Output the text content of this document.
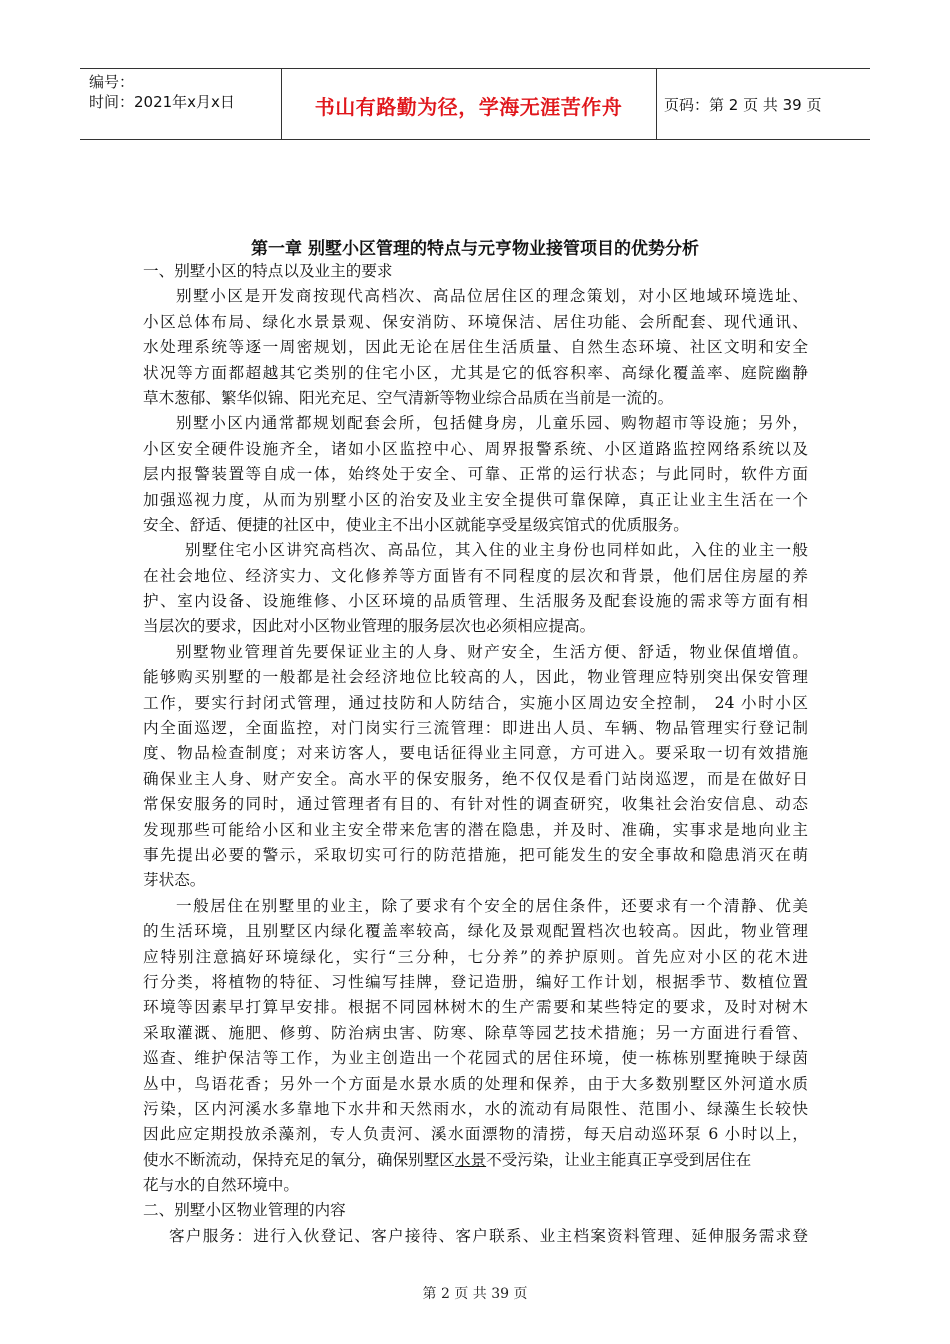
编号：
时间：2021年x月x日	书山有路勤为径，学海无涯苦作舟	页码：第 2 页 共 39 页
第一章 别墅小区管理的特点与元亨物业接管项目的优势分析
一、别墅小区的特点以及业主的要求
别墅小区是开发商按现代高档次、高品位居住区的理念策划，对小区地域环境选址、
小区总体布局、绿化水景景观、保安消防、环境保洁、居住功能、会所配套、现代通讯、
水处理系统等逐一周密规划，因此无论在居住生活质量、自然生态环境、社区文明和安全
状况等方面都超越其它类别的住宅小区，尤其是它的低容积率、高绿化覆盖率、庭院幽静
草木葱郁、繁华似锦、阳光充足、空气清新等物业综合品质在当前是一流的。
别墅小区内通常都规划配套会所，包括健身房，儿童乐园、购物超市等设施；另外，
小区安全硬件设施齐全，诸如小区监控中心、周界报警系统、小区道路监控网络系统以及
层内报警装置等自成一体，始终处于安全、可靠、正常的运行状态；与此同时，软件方面
加强巡视力度，从而为别墅小区的治安及业主安全提供可靠保障，真正让业主生活在一个
安全、舒适、便捷的社区中，使业主不出小区就能享受星级宾馆式的优质服务。
别墅住宅小区讲究高档次、高品位，其入住的业主身份也同样如此，入住的业主一般
在社会地位、经济实力、文化修养等方面皆有不同程度的层次和背景，他们居住房屋的养
护、室内设备、设施维修、小区环境的品质管理、生活服务及配套设施的需求等方面有相
当层次的要求，因此对小区物业管理的服务层次也必须相应提高。
别墅物业管理首先要保证业主的人身、财产安全，生活方便、舒适，物业保值增值。
能够购买别墅的一般都是社会经济地位比较高的人，因此，物业管理应特别突出保安管理
工作，要实行封闭式管理，通过技防和人防结合，实施小区周边安全控制， 24 小时小区
内全面巡逻，全面监控，对门岗实行三流管理：即进出人员、车辆、物品管理实行登记制
度、物品检查制度；对来访客人，要电话征得业主同意，方可进入。要采取一切有效措施
确保业主人身、财产安全。高水平的保安服务，绝不仅仅是看门站岗巡逻，而是在做好日
常保安服务的同时，通过管理者有目的、有针对性的调查研究，收集社会治安信息、动态
发现那些可能给小区和业主安全带来危害的潜在隐患，并及时、准确，实事求是地向业主
事先提出必要的警示，采取切实可行的防范措施，把可能发生的安全事故和隐患消灭在萌
芽状态。
一般居住在别墅里的业主，除了要求有个安全的居住条件，还要求有一个清静、优美
的生活环境，且别墅区内绿化覆盖率较高，绿化及景观配置档次也较高。因此，物业管理
应特别注意搞好环境绿化，实行“三分种，七分养”的养护原则。首先应对小区的花木进
行分类，将植物的特征、习性编写挂牌，登记造册，编好工作计划，根据季节、数植位置
环境等因素早打算早安排。根据不同园林树木的生产需要和某些特定的要求，及时对树木
采取灌溉、施肥、修剪、防治病虫害、防寒、除草等园艺技术措施；另一方面进行看管、
巡查、维护保洁等工作，为业主创造出一个花园式的居住环境，使一栋栋别墅掩映于绿茵
丛中，鸟语花香；另外一个方面是水景水质的处理和保养，由于大多数别墅区外河道水质
污染，区内河溪水多靠地下水井和天然雨水，水的流动有局限性、范围小、绿藻生长较快
因此应定期投放杀藻剂，专人负责河、溪水面漂物的清捞，每天启动巡环泵 6 小时以上，
使水不断流动，保持充足的氧分，确保别墅区水景不受污染，让业主能真正享受到居住在
花与水的自然环境中。
二、别墅小区物业管理的内容
客户服务：进行入伙登记、客户接待、客户联系、业主档案资料管理、延伸服务需求登
第 2 页 共 39 页
